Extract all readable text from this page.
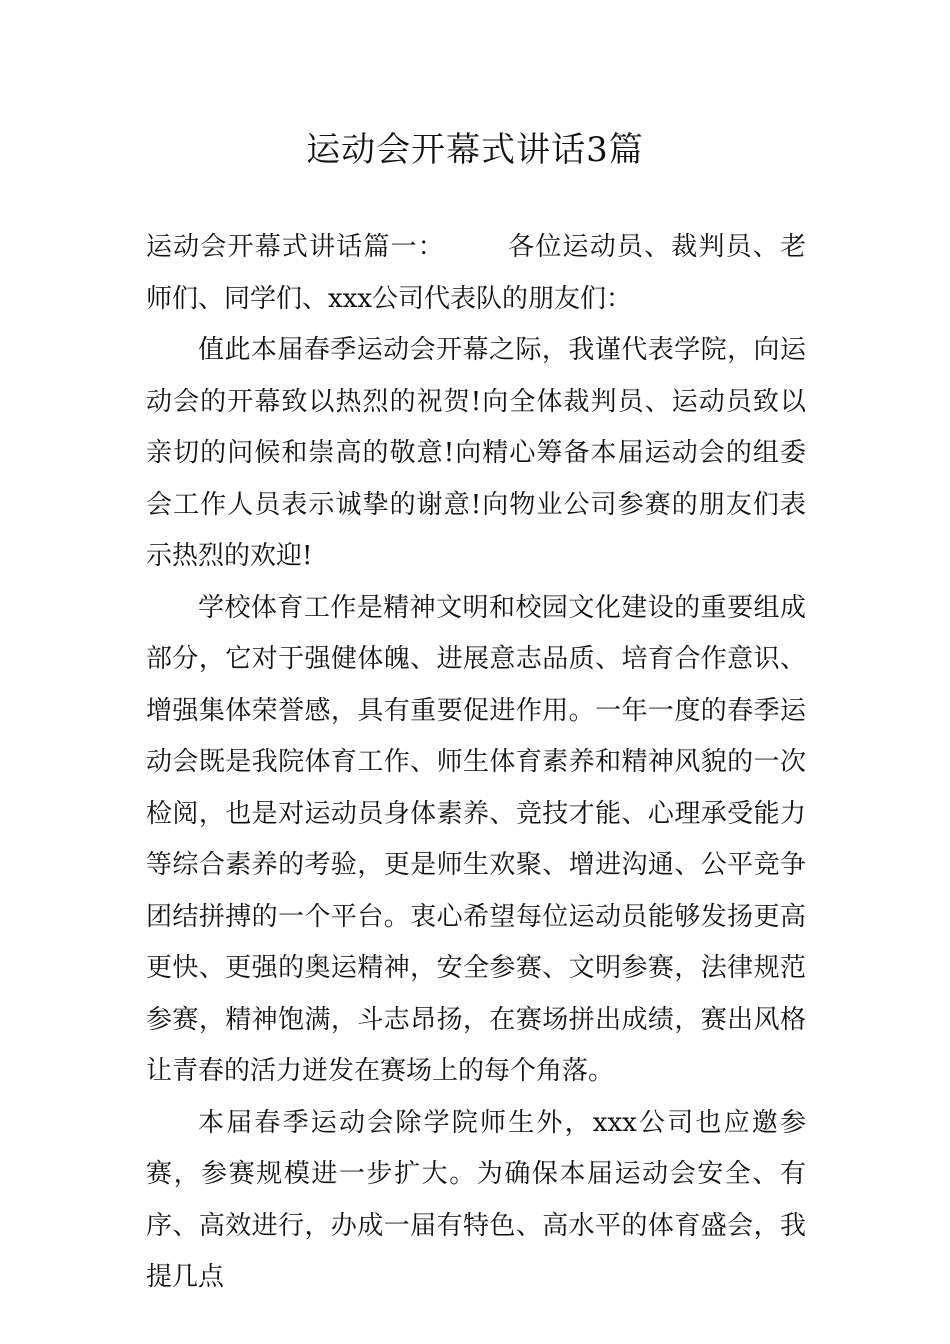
运动会开幕式讲话3篇

运动会开幕式讲话篇一： 各位运动员、裁判员、老师们、同学们、xxx公司代表队的朋友们：

值此本届春季运动会开幕之际，我谨代表学院，向运动会的开幕致以热烈的祝贺!向全体裁判员、运动员致以亲切的问候和崇高的敬意!向精心筹备本届运动会的组委会工作人员表示诚挚的谢意!向物业公司参赛的朋友们表示热烈的欢迎!

学校体育工作是精神文明和校园文化建设的重要组成部分，它对于强健体魄、进展意志品质、培育合作意识、增强集体荣誉感，具有重要促进作用。一年一度的春季运动会既是我院体育工作、师生体育素养和精神风貌的一次检阅，也是对运动员身体素养、竞技才能、心理承受能力等综合素养的考验，更是师生欢聚、增进沟通、公平竞争团结拼搏的一个平台。衷心希望每位运动员能够发扬更高更快、更强的奥运精神，安全参赛、文明参赛，法律规范参赛，精神饱满，斗志昂扬，在赛场拼出成绩，赛出风格让青春的活力迸发在赛场上的每个角落。

本届春季运动会除学院师生外，xxx公司也应邀参赛，参赛规模进一步扩大。为确保本届运动会安全、有序、高效进行，办成一届有特色、高水平的体育盛会，我提几点
